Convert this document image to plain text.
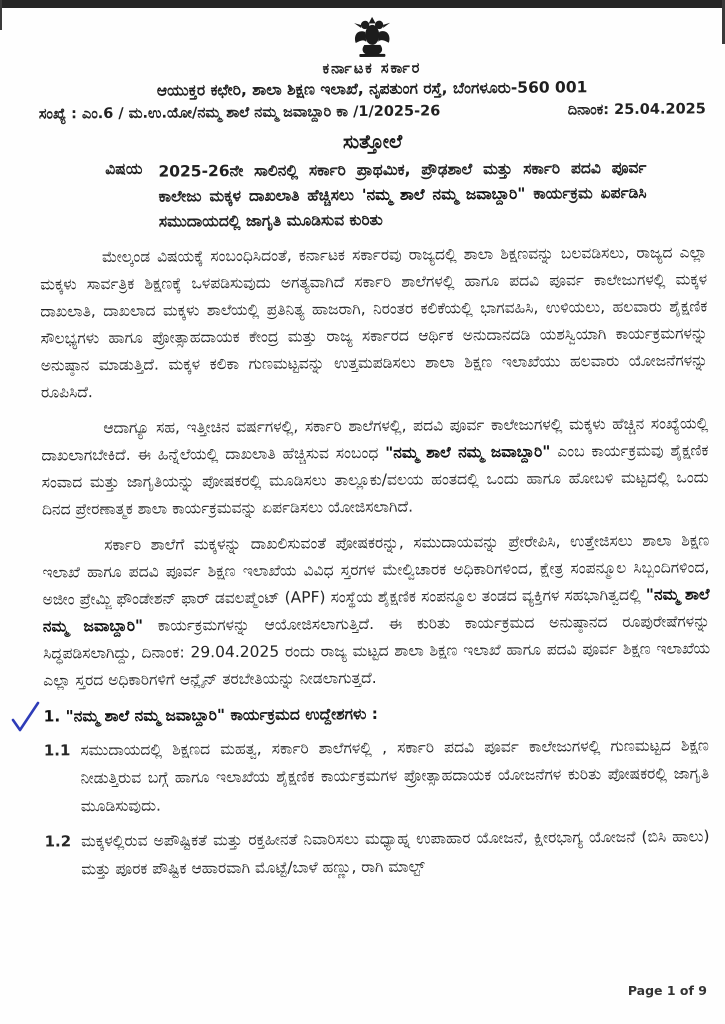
ಕರ್ನಾಟಕ ಸರ್ಕಾರ
ಆಯುಕ್ತರ ಕಛೇರಿ, ಶಾಲಾ ಶಿಕ್ಷಣ ಇಲಾಖೆ, ನೃಪತುಂಗ ರಸ್ತೆ, ಬೆಂಗಳೂರು-560 001
ಸಂಖ್ಯೆ : ಎಂ.6 / ಮ.ಉ.ಯೋ/ನಮ್ಮ ಶಾಲೆ ನಮ್ಮ ಜವಾಬ್ದಾರಿ ಕಾ /1/2025-26	ದಿನಾಂಕ: 25.04.2025
ಸುತ್ತೋಲೆ
ವಿಷಯ 2025-26ನೇ ಸಾಲಿನಲ್ಲಿ ಸರ್ಕಾರಿ ಪ್ರಾಥಮಿಕ, ಪ್ರೌಢಶಾಲೆ ಮತ್ತು ಸರ್ಕಾರಿ ಪದವಿ ಪೂರ್ವ ಕಾಲೇಜು ಮಕ್ಕಳ ದಾಖಲಾತಿ ಹೆಚ್ಚಿಸಲು 'ನಮ್ಮ ಶಾಲೆ ನಮ್ಮ ಜವಾಬ್ದಾರಿ" ಕಾರ್ಯಕ್ರಮ ಏರ್ಪಡಿಸಿ ಸಮುದಾಯದಲ್ಲಿ ಜಾಗೃತಿ ಮೂಡಿಸುವ ಕುರಿತು

ಮೇಲ್ಕಂಡ ವಿಷಯಕ್ಕೆ ಸಂಬಂಧಿಸಿದಂತೆ, ಕರ್ನಾಟಕ ಸರ್ಕಾರವು ರಾಜ್ಯದಲ್ಲಿ ಶಾಲಾ ಶಿಕ್ಷಣವನ್ನು ಬಲವಡಿಸಲು, ರಾಜ್ಯದ ಎಲ್ಲಾ ಮಕ್ಕಳು ಸಾರ್ವತ್ರಿಕ ಶಿಕ್ಷಣಕ್ಕೆ ಒಳಪಡಿಸುವುದು ಅಗತ್ಯವಾಗಿದೆ ಸರ್ಕಾರಿ ಶಾಲೆಗಳಲ್ಲಿ ಹಾಗೂ ಪದವಿ ಪೂರ್ವ ಕಾಲೇಜುಗಳಲ್ಲಿ ಮಕ್ಕಳ ದಾಖಲಾತಿ, ದಾಖಲಾದ ಮಕ್ಕಳು ಶಾಲೆಯಲ್ಲಿ ಪ್ರತಿನಿತ್ಯ ಹಾಜರಾಗಿ, ನಿರಂತರ ಕಲಿಕೆಯಲ್ಲಿ ಭಾಗವಹಿಸಿ, ಉಳಿಯಲು, ಹಲವಾರು ಶೈಕ್ಷಣಿಕ ಸೌಲಭ್ಯಗಳು ಹಾಗೂ ಪ್ರೋತ್ಸಾಹದಾಯಕ ಕೇಂದ್ರ ಮತ್ತು ರಾಜ್ಯ ಸರ್ಕಾರದ ಆರ್ಥಿಕ ಅನುದಾನದಡಿ ಯಶಸ್ವಿಯಾಗಿ ಕಾರ್ಯಕ್ರಮಗಳನ್ನು ಅನುಷ್ಠಾನ ಮಾಡುತ್ತಿದೆ. ಮಕ್ಕಳ ಕಲಿಕಾ ಗುಣಮಟ್ಟವನ್ನು ಉತ್ತಮಪಡಿಸಲು ಶಾಲಾ ಶಿಕ್ಷಣ ಇಲಾಖೆಯು ಹಲವಾರು ಯೋಜನೆಗಳನ್ನು ರೂಪಿಸಿದೆ.

ಆದಾಗ್ಯೂ ಸಹ, ಇತ್ತೀಚಿನ ವರ್ಷಗಳಲ್ಲಿ, ಸರ್ಕಾರಿ ಶಾಲೆಗಳಲ್ಲಿ, ಪದವಿ ಪೂರ್ವ ಕಾಲೇಜುಗಳಲ್ಲಿ ಮಕ್ಕಳು ಹೆಚ್ಚಿನ ಸಂಖ್ಯೆಯಲ್ಲಿ ದಾಖಲಾಗಬೇಕಿದೆ. ಈ ಹಿನ್ನೆಲೆಯಲ್ಲಿ ದಾಖಲಾತಿ ಹೆಚ್ಚಿಸುವ ಸಂಬಂಧ "ನಮ್ಮ ಶಾಲೆ ನಮ್ಮ ಜವಾಬ್ದಾರಿ" ಎಂಬ ಕಾರ್ಯಕ್ರಮವು ಶೈಕ್ಷಣಿಕ ಸಂವಾದ ಮತ್ತು ಜಾಗೃತಿಯನ್ನು ಪೋಷಕರಲ್ಲಿ ಮೂಡಿಸಲು ತಾಲ್ಲೂಕು/ವಲಯ ಹಂತದಲ್ಲಿ ಒಂದು ಹಾಗೂ ಹೋಬಳಿ ಮಟ್ಟದಲ್ಲಿ ಒಂದು ದಿನದ ಪ್ರೇರಣಾತ್ಮಕ ಶಾಲಾ ಕಾರ್ಯಕ್ರಮವನ್ನು ಏರ್ಪಡಿಸಲು ಯೋಜಿಸಲಾಗಿದೆ.

ಸರ್ಕಾರಿ ಶಾಲೆಗೆ ಮಕ್ಕಳನ್ನು ದಾಖಲಿಸುವಂತೆ ಪೋಷಕರನ್ನು, ಸಮುದಾಯವನ್ನು ಪ್ರೇರೇಪಿಸಿ, ಉತ್ತೇಜಿಸಲು ಶಾಲಾ ಶಿಕ್ಷಣ ಇಲಾಖೆ ಹಾಗೂ ಪದವಿ ಪೂರ್ವ ಶಿಕ್ಷಣ ಇಲಾಖೆಯ ವಿವಿಧ ಸ್ತರಗಳ ಮೇಲ್ವಿಚಾರಕ ಅಧಿಕಾರಿಗಳಿಂದ, ಕ್ಷೇತ್ರ ಸಂಪನ್ಮೂಲ ಸಿಬ್ಬಂದಿಗಳಿಂದ, ಅಜೀಂ ಪ್ರೇಮ್ಜಿ ಫೌಂಡೇಶನ್ ಫಾರ್ ಡವಲಪ್ಮೆಂಟ್ (APF) ಸಂಸ್ಥೆಯ ಶೈಕ್ಷಣಿಕ ಸಂಪನ್ಮೂಲ ತಂಡದ ವ್ಯಕ್ತಿಗಳ ಸಹಭಾಗಿತ್ವದಲ್ಲಿ "ನಮ್ಮ ಶಾಲೆ ನಮ್ಮ ಜವಾಬ್ದಾರಿ" ಕಾರ್ಯಕ್ರಮಗಳನ್ನು ಆಯೋಜಿಸಲಾಗುತ್ತಿದೆ. ಈ ಕುರಿತು ಕಾರ್ಯಕ್ರಮದ ಅನುಷ್ಠಾನದ ರೂಪುರೇಷೆಗಳನ್ನು ಸಿದ್ಧಪಡಿಸಲಾಗಿದ್ದು, ದಿನಾಂಕ: 29.04.2025 ರಂದು ರಾಜ್ಯ ಮಟ್ಟದ ಶಾಲಾ ಶಿಕ್ಷಣ ಇಲಾಖೆ ಹಾಗೂ ಪದವಿ ಪೂರ್ವ ಶಿಕ್ಷಣ ಇಲಾಖೆಯ ಎಲ್ಲಾ ಸ್ತರದ ಅಧಿಕಾರಿಗಳಿಗೆ ಆನ್ಲೈನ್ ತರಬೇತಿಯನ್ನು ನೀಡಲಾಗುತ್ತದೆ.

1. "ನಮ್ಮ ಶಾಲೆ ನಮ್ಮ ಜವಾಬ್ದಾರಿ" ಕಾರ್ಯಕ್ರಮದ ಉದ್ದೇಶಗಳು :
1.1 ಸಮುದಾಯದಲ್ಲಿ ಶಿಕ್ಷಣದ ಮಹತ್ವ, ಸರ್ಕಾರಿ ಶಾಲೆಗಳಲ್ಲಿ , ಸರ್ಕಾರಿ ಪದವಿ ಪೂರ್ವ ಕಾಲೇಜುಗಳಲ್ಲಿ ಗುಣಮಟ್ಟದ ಶಿಕ್ಷಣ ನೀಡುತ್ತಿರುವ ಬಗ್ಗೆ ಹಾಗೂ ಇಲಾಖೆಯ ಶೈಕ್ಷಣಿಕ ಕಾರ್ಯಕ್ರಮಗಳ ಪ್ರೋತ್ಸಾಹದಾಯಕ ಯೋಜನೆಗಳ ಕುರಿತು ಪೋಷಕರಲ್ಲಿ ಜಾಗೃತಿ ಮೂಡಿಸುವುದು.
1.2 ಮಕ್ಕಳಲ್ಲಿರುವ ಅಪೌಷ್ಟಿಕತೆ ಮತ್ತು ರಕ್ತಹೀನತೆ ನಿವಾರಿಸಲು ಮಧ್ಯಾಹ್ನ ಉಪಾಹಾರ ಯೋಜನೆ, ಕ್ಷೀರಭಾಗ್ಯ ಯೋಜನೆ (ಬಿಸಿ ಹಾಲು) ಮತ್ತು ಪೂರಕ ಪೌಷ್ಟಿಕ ಆಹಾರವಾಗಿ ಮೊಟ್ಟೆ/ಬಾಳೆ ಹಣ್ಣು, ರಾಗಿ ಮಾಲ್ಟ್
Page 1 of 9
